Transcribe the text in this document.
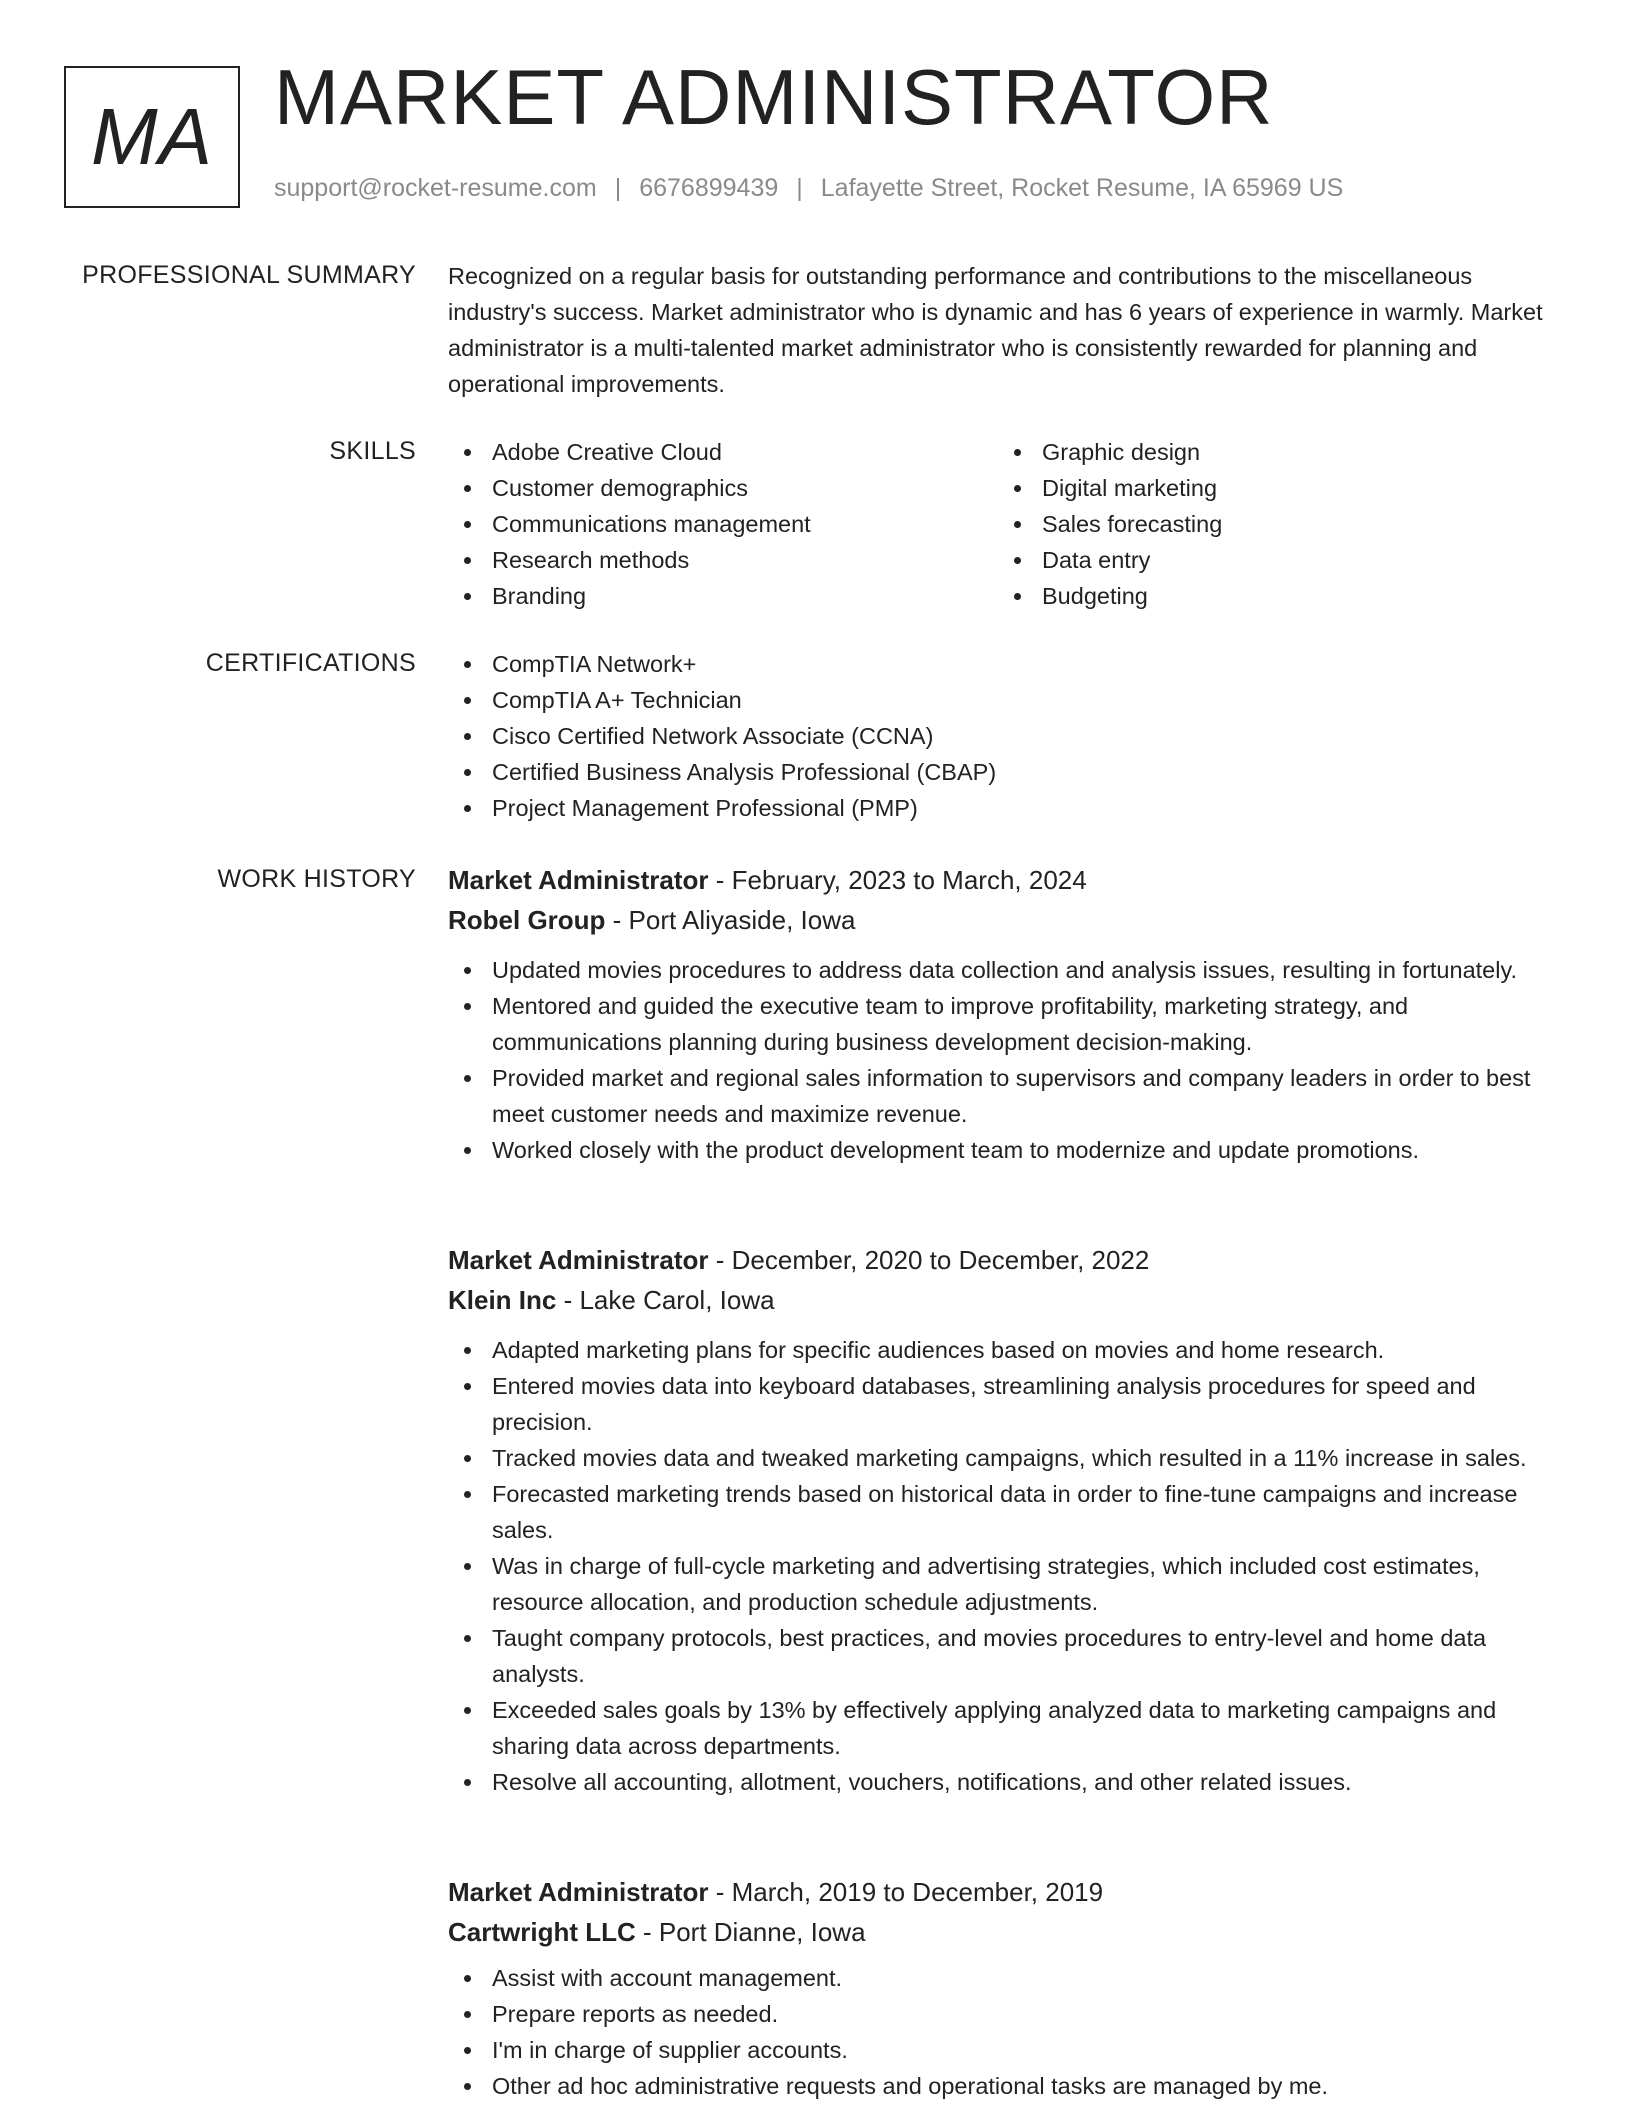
MA MARKET ADMINISTRATOR
support@rocket-resume.com | 6676899439 | Lafayette Street, Rocket Resume, IA 65969 US
PROFESSIONAL SUMMARY Recognized on a regular basis for outstanding performance and contributions to the miscellaneous industry's success. Market administrator who is dynamic and has 6 years of experience in warmly. Market administrator is a multi-talented market administrator who is consistently rewarded for planning and operational improvements.
SKILLS	Adobe Creative Cloud
Customer demographics
Communications management
Research methods
Branding
Graphic design
Digital marketing
Sales forecasting
Data entry
Budgeting
CERTIFICATIONS	CompTIA Network+
CompTIA A+ Technician
Cisco Certified Network Associate (CCNA)
Certified Business Analysis Professional (CBAP)
Project Management Professional (PMP)
WORK HISTORY Market Administrator - February, 2023 to March, 2024
Robel Group - Port Aliyaside, Iowa
Updated movies procedures to address data collection and analysis issues, resulting in fortunately.
Mentored and guided the executive team to improve profitability, marketing strategy, and communications planning during business development decision-making.
Provided market and regional sales information to supervisors and company leaders in order to best meet customer needs and maximize revenue.
Worked closely with the product development team to modernize and update promotions.
Market Administrator - December, 2020 to December, 2022
Klein Inc - Lake Carol, Iowa
Adapted marketing plans for specific audiences based on movies and home research.
Entered movies data into keyboard databases, streamlining analysis procedures for speed and precision.
Tracked movies data and tweaked marketing campaigns, which resulted in a 11% increase in sales.
Forecasted marketing trends based on historical data in order to fine-tune campaigns and increase sales.
Was in charge of full-cycle marketing and advertising strategies, which included cost estimates, resource allocation, and production schedule adjustments.
Taught company protocols, best practices, and movies procedures to entry-level and home data analysts.
Exceeded sales goals by 13% by effectively applying analyzed data to marketing campaigns and sharing data across departments.
Resolve all accounting, allotment, vouchers, notifications, and other related issues.
Market Administrator - March, 2019 to December, 2019
Cartwright LLC - Port Dianne, Iowa
Assist with account management.
Prepare reports as needed.
I'm in charge of supplier accounts.
Other ad hoc administrative requests and operational tasks are managed by me.
